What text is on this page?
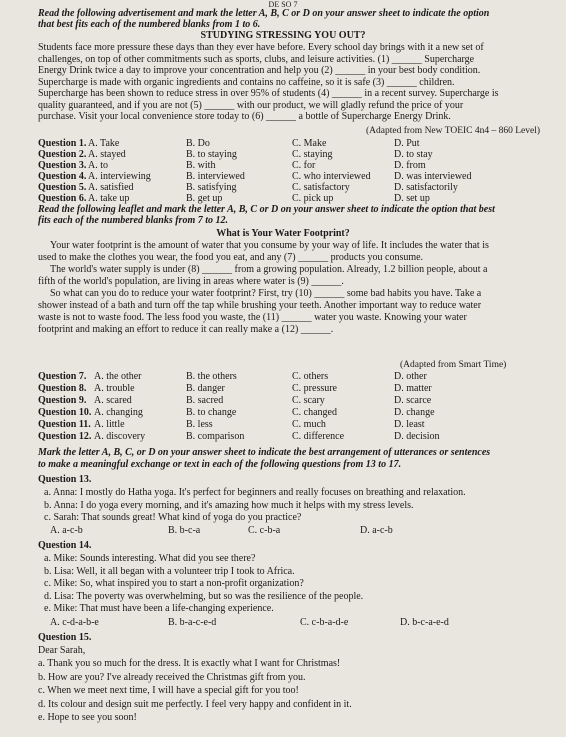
DE SO 7
Read the following advertisement and mark the letter A, B, C or D on your answer sheet to indicate the option
that best fits each of the numbered blanks from 1 to 6.
STUDYING STRESSING YOU OUT?
Students face more pressure these days than they ever have before. Every school day brings with it a new set of
challenges, on top of other commitments such as sports, clubs, and leisure activities. (1) ______ Supercharge
Energy Drink twice a day to improve your concentration and help you (2) ______ in your best body condition.
Supercharge is made with organic ingredients and contains no caffeine, so it is safe (3) ______ children.
Supercharge has been shown to reduce stress in over 95% of students (4) ______ in a recent survey. Supercharge is
quality guaranteed, and if you are not (5) ______ with our product, we will gladly refund the price of your
purchase. Visit your local convenience store today to (6) ______ a bottle of Supercharge Energy Drink.
(Adapted from New TOEIC 4n4 – 860 Level)
Question 1. A. Take	B. Do	C. Make	D. Put
Question 2. A. stayed	B. to staying	C. staying	D. to stay
Question 3. A. to	B. with	C. for	D. from
Question 4. A. interviewing	B. interviewed	C. who interviewed D. was interviewed
Question 5. A. satisfied	B. satisfying	C. satisfactory	D. satisfactorily
Question 6. A. take up	B. get up	C. pick up	D. set up
Read the following leaflet and mark the letter A, B, C or D on your answer sheet to indicate the option that best
fits each of the numbered blanks from 7 to 12.
What is Your Water Footprint?
Your water footprint is the amount of water that you consume by your way of life. It includes the water that is
used to make the clothes you wear, the food you eat, and any (7) ______ products you consume.
The world's water supply is under (8) ______ from a growing population. Already, 1.2 billion people, about a
fifth of the world's population, are living in areas where water is (9) ______.
So what can you do to reduce your water footprint? First, try (10) ______ some bad habits you have. Take a
shower instead of a bath and turn off the tap while brushing your teeth. Another important way to reduce water
waste is not to waste food. The less food you waste, the (11) ______ water you waste. Knowing your water
footprint and making an effort to reduce it can really make a (12) ______.
(Adapted from Smart Time)
Question 7. A. the other	B. the others	C. others	D. other
Question 8. A. trouble	B. danger	C. pressure	D. matter
Question 9. A. scared	B. sacred	C. scary	D. scarce
Question 10. A. changing	B. to change	C. changed	D. change
Question 11. A. little	B. less	C. much	D. least
Question 12. A. discovery	B. comparison	C. difference	D. decision
Mark the letter A, B, C, or D on your answer sheet to indicate the best arrangement of utterances or sentences
to make a meaningful exchange or text in each of the following questions from 13 to 17.
Question 13.
a. Anna: I mostly do Hatha yoga. It's perfect for beginners and really focuses on breathing and relaxation.
b. Anna: I do yoga every morning, and it's amazing how much it helps with my stress levels.
c. Sarah: That sounds great! What kind of yoga do you practice?
A. a-c-b	B. b-c-a	C. c-b-a	D. a-c-b
Question 14.
a. Mike: Sounds interesting. What did you see there?
b. Lisa: Well, it all began with a volunteer trip I took to Africa.
c. Mike: So, what inspired you to start a non-profit organization?
d. Lisa: The poverty was overwhelming, but so was the resilience of the people.
e. Mike: That must have been a life-changing experience.
A. c-d-a-b-e	B. b-a-c-e-d	C. c-b-a-d-e	D. b-c-a-e-d
Question 15.
Dear Sarah,
a. Thank you so much for the dress. It is exactly what I want for Christmas!
b. How are you? I've already received the Christmas gift from you.
c. When we meet next time, I will have a special gift for you too!
d. Its colour and design suit me perfectly. I feel very happy and confident in it.
e. Hope to see you soon!
